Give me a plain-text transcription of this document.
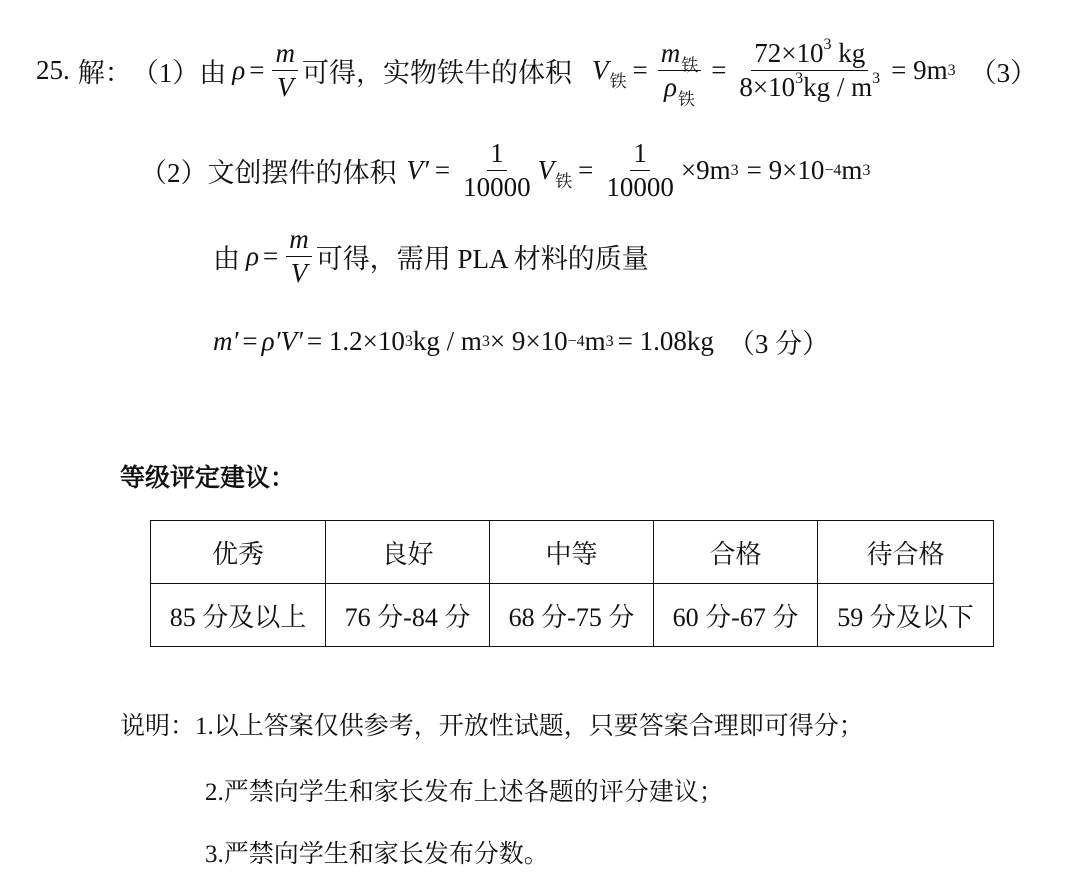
25. 解： （1） 由 $\rho = \frac{m}{V}$ 可得，实物铁牛的体积 V 铁 = $\frac{m_铁}{\rho_铁} = \frac{72\times 10^3 kg}{8\times 10^3kg / m^3} = 9m$ 3 （3）
（2） 文创摆件的体积 $V' = \frac{1}{10000}$ V 铁 = $\frac{1}{10000} \times 9m$ 3 = 9×10 −4 m 3
由 $\rho = \frac{m}{V}$ 可得，需用 PLA 材料的质量
m′ = ρ′V′ = 1.2×10 3 kg / m 3 × 9×10 −4 m 3 = 1.08kg （3 分）
等级评定建议：
优秀	良好	中等	合格	待合格
85 分及以上	76 分-84 分	68 分-75 分	60 分-67 分	59 分及以下
说明：1.以上答案仅供参考，开放性试题，只要答案合理即可得分；
2.严禁向学生和家长发布上述各题的评分建议；
3.严禁向学生和家长发布分数。
